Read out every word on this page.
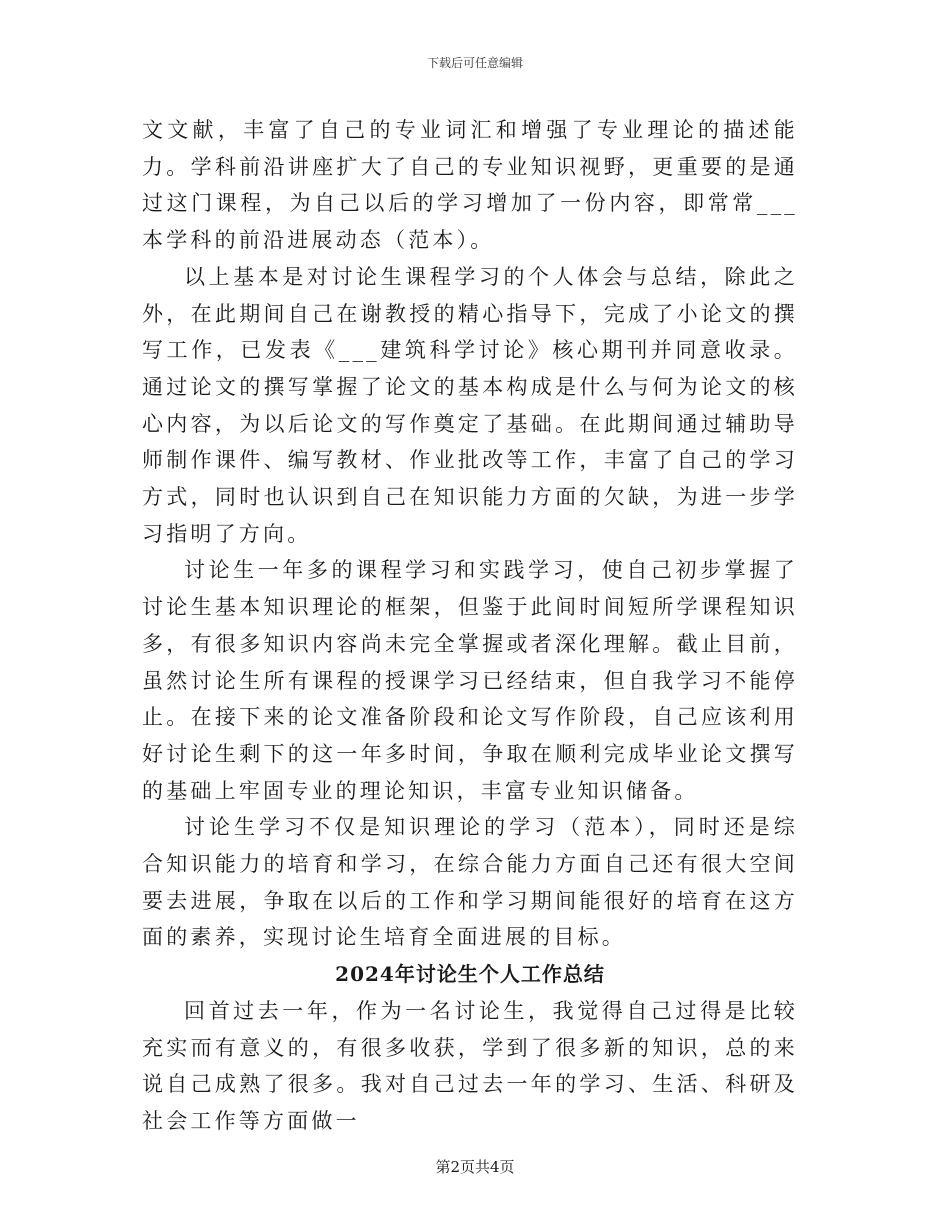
下载后可任意编辑

文文献，丰富了自己的专业词汇和增强了专业理论的描述能力。学科前沿讲座扩大了自己的专业知识视野，更重要的是通过这门课程，为自己以后的学习增加了一份内容，即常常___本学科的前沿进展动态（范本）。

以上基本是对讨论生课程学习的个人体会与总结，除此之外，在此期间自己在谢教授的精心指导下，完成了小论文的撰写工作，已发表《___建筑科学讨论》核心期刊并同意收录。通过论文的撰写掌握了论文的基本构成是什么与何为论文的核心内容，为以后论文的写作奠定了基础。在此期间通过辅助导师制作课件、编写教材、作业批改等工作，丰富了自己的学习方式，同时也认识到自己在知识能力方面的欠缺，为进一步学习指明了方向。

讨论生一年多的课程学习和实践学习，使自己初步掌握了讨论生基本知识理论的框架，但鉴于此间时间短所学课程知识多，有很多知识内容尚未完全掌握或者深化理解。截止目前，虽然讨论生所有课程的授课学习已经结束，但自我学习不能停止。在接下来的论文准备阶段和论文写作阶段，自己应该利用好讨论生剩下的这一年多时间，争取在顺利完成毕业论文撰写的基础上牢固专业的理论知识，丰富专业知识储备。

讨论生学习不仅是知识理论的学习（范本），同时还是综合知识能力的培育和学习，在综合能力方面自己还有很大空间要去进展，争取在以后的工作和学习期间能很好的培育在这方面的素养，实现讨论生培育全面进展的目标。

2024年讨论生个人工作总结

回首过去一年，作为一名讨论生，我觉得自己过得是比较充实而有意义的，有很多收获，学到了很多新的知识，总的来说自己成熟了很多。我对自己过去一年的学习、生活、科研及社会工作等方面做一

第2页共4页
